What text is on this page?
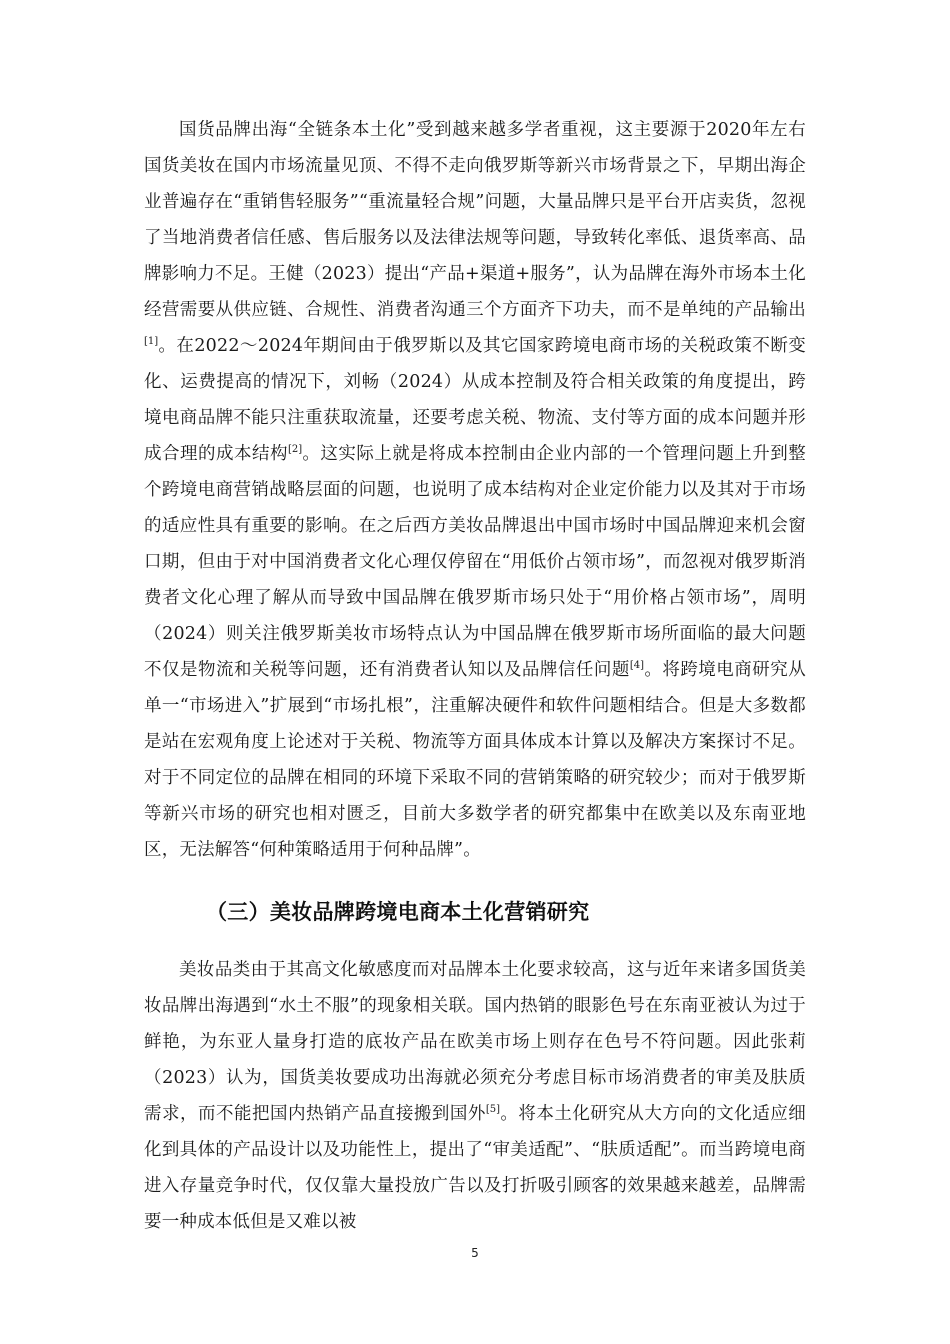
国货品牌出海“全链条本土化”受到越来越多学者重视，这主要源于2020年左右国货美妆在国内市场流量见顶、不得不走向俄罗斯等新兴市场背景之下，早期出海企业普遍存在“重销售轻服务”“重流量轻合规”问题，大量品牌只是平台开店卖货，忽视了当地消费者信任感、售后服务以及法律法规等问题，导致转化率低、退货率高、品牌影响力不足。王健（2023）提出“产品+渠道+服务”，认为品牌在海外市场本土化经营需要从供应链、合规性、消费者沟通三个方面齐下功夫，而不是单纯的产品输出[1]。在2022～2024年期间由于俄罗斯以及其它国家跨境电商市场的关税政策不断变化、运费提高的情况下，刘畅（2024）从成本控制及符合相关政策的角度提出，跨境电商品牌不能只注重获取流量，还要考虑关税、物流、支付等方面的成本问题并形成合理的成本结构[2]。这实际上就是将成本控制由企业内部的一个管理问题上升到整个跨境电商营销战略层面的问题，也说明了成本结构对企业定价能力以及其对于市场的适应性具有重要的影响。在之后西方美妆品牌退出中国市场时中国品牌迎来机会窗口期，但由于对中国消费者文化心理仅停留在“用低价占领市场”，而忽视对俄罗斯消费者文化心理了解从而导致中国品牌在俄罗斯市场只处于“用价格占领市场”，周明（2024）则关注俄罗斯美妆市场特点认为中国品牌在俄罗斯市场所面临的最大问题不仅是物流和关税等问题，还有消费者认知以及品牌信任问题[4]。将跨境电商研究从单一“市场进入”扩展到“市场扎根”，注重解决硬件和软件问题相结合。但是大多数都是站在宏观角度上论述对于关税、物流等方面具体成本计算以及解决方案探讨不足。对于不同定位的品牌在相同的环境下采取不同的营销策略的研究较少；而对于俄罗斯等新兴市场的研究也相对匮乏，目前大多数学者的研究都集中在欧美以及东南亚地区，无法解答“何种策略适用于何种品牌”。

（三）美妆品牌跨境电商本土化营销研究

美妆品类由于其高文化敏感度而对品牌本土化要求较高，这与近年来诸多国货美妆品牌出海遇到“水土不服”的现象相关联。国内热销的眼影色号在东南亚被认为过于鲜艳，为东亚人量身打造的底妆产品在欧美市场上则存在色号不符问题。因此张莉（2023）认为，国货美妆要成功出海就必须充分考虑目标市场消费者的审美及肤质需求，而不能把国内热销产品直接搬到国外[5]。将本土化研究从大方向的文化适应细化到具体的产品设计以及功能性上，提出了“审美适配”、“肤质适配”。而当跨境电商进入存量竞争时代，仅仅靠大量投放广告以及打折吸引顾客的效果越来越差，品牌需要一种成本低但是又难以被

5
